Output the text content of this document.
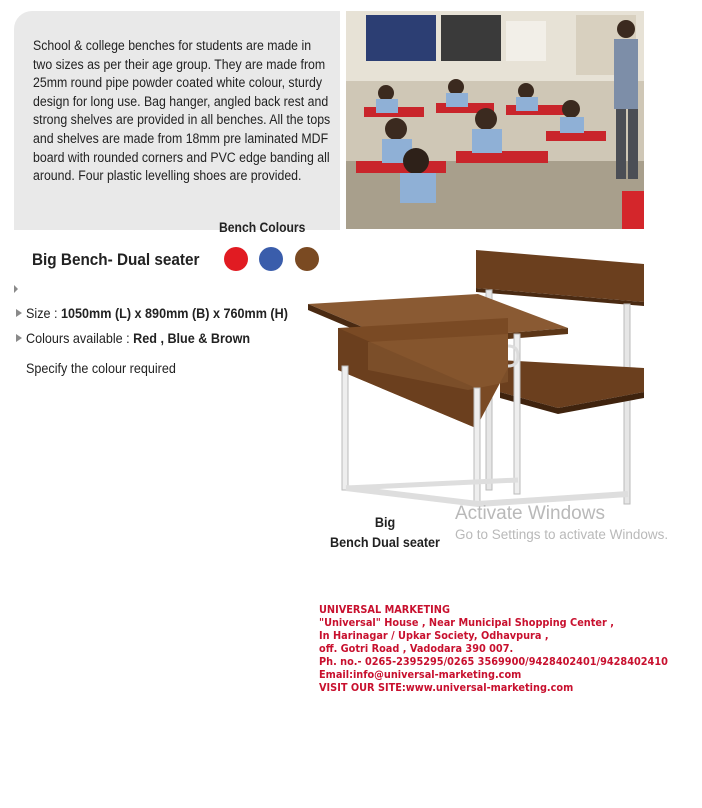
School & college benches for students are made in two sizes as per their age group. They are made from 25mm round pipe powder coated white colour, sturdy design for long use. Bag hanger, angled back rest and strong shelves are provided in all benches. All the tops and shelves are made from 18mm pre laminated MDF board with rounded corners and PVC edge banding all around. Four plastic levelling shoes are provided.
Bench Colours
Big Bench- Dual seater
Size : 1050mm (L) x 890mm (B) x 760mm (H)
Colours available : Red , Blue & Brown
Specify the colour required
Big
Bench Dual seater
Activate Windows
Go to Settings to activate Windows.
UNIVERSAL MARKETING
"Universal" House , Near Municipal Shopping Center ,
In Harinagar / Upkar Society, Odhavpura ,
off. Gotri Road , Vadodara 390 007.
Ph. no.- 0265-2395295/0265 3569900/9428402401/9428402410
Email:info@universal-marketing.com
VISIT OUR SITE:www.universal-marketing.com
